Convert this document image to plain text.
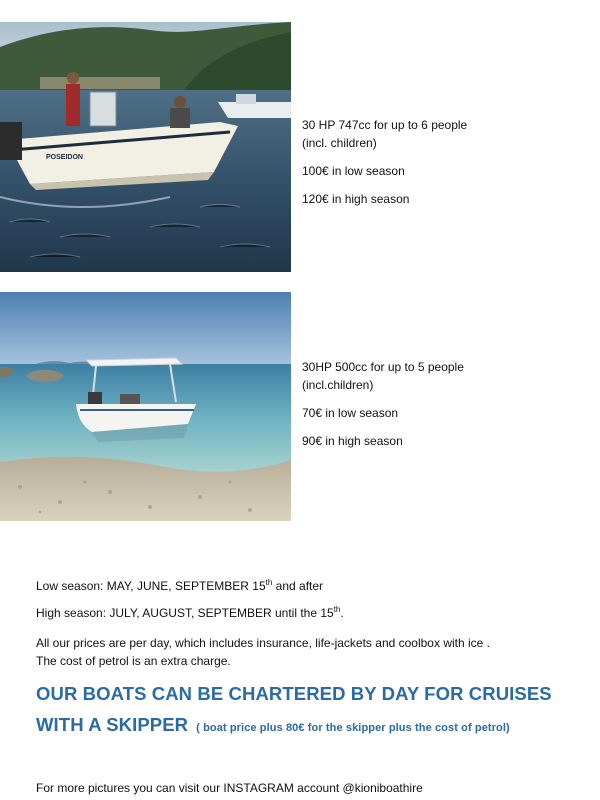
POSEIDON

30 HP 747cc for up to 6 people

(incl. children)

100€ in low season

120€ in high season

30HP 500cc for up to 5 people

(incl.children)

70€ in low season

90€ in high season

Low season: MAY, JUNE, SEPTEMBER 15th and after
High season: JULY, AUGUST, SEPTEMBER until the 15th.
All our prices are per day, which includes insurance, life-jackets and coolbox with ice .
The cost of petrol is an extra charge.
OUR BOATS CAN BE CHARTERED BY DAY FOR CRUISES
WITH A SKIPPER ( boat price plus 80€ for the skipper plus the cost of petrol)
For more pictures you can visit our INSTAGRAM account @kioniboathire
